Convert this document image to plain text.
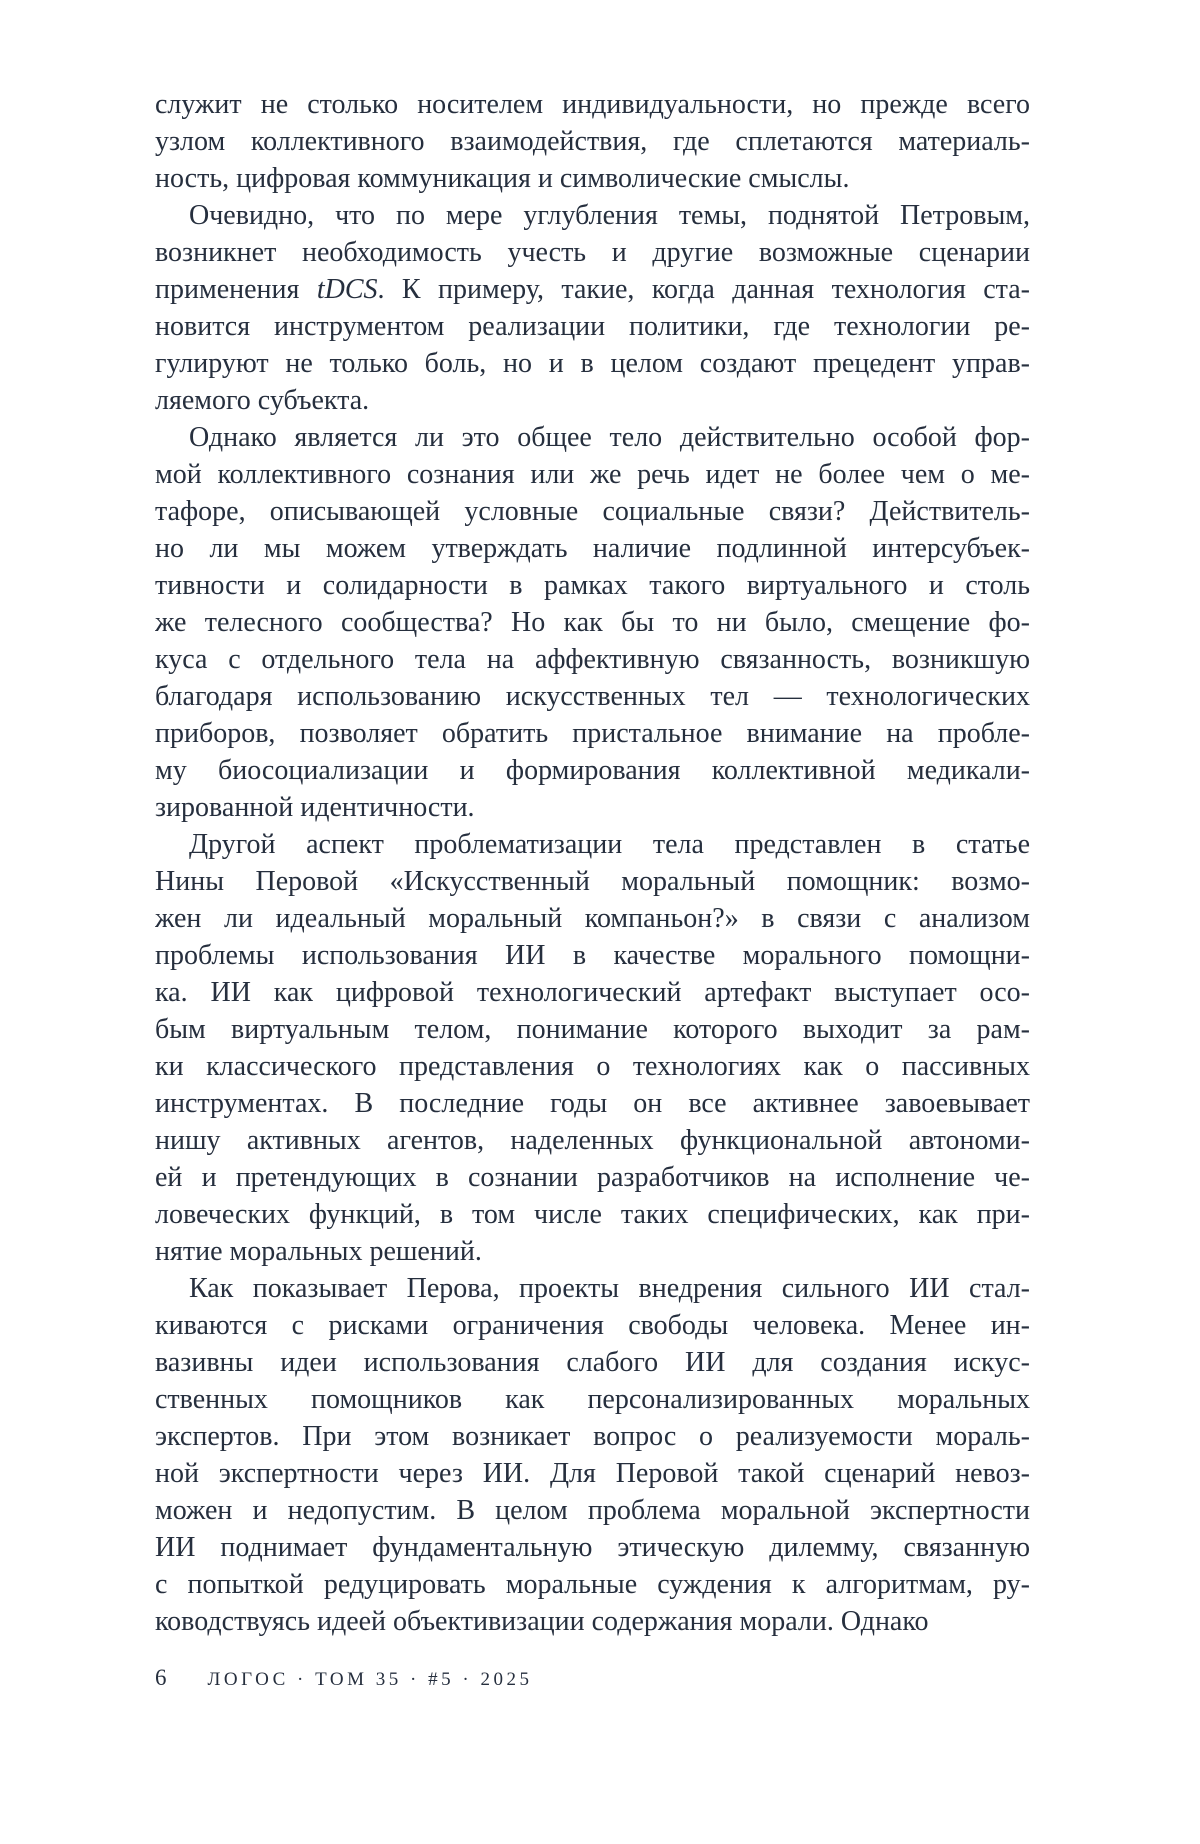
служит не столько носителем индивидуальности, но прежде всего
узлом коллективного взаимодействия, где сплетаются материаль-
ность, цифровая коммуникация и символические смыслы.
Очевидно, что по мере углубления темы, поднятой Петровым,
возникнет необходимость учесть и другие возможные сценарии
применения tDCS. К примеру, такие, когда данная технология ста-
новится инструментом реализации политики, где технологии ре-
гулируют не только боль, но и в целом создают прецедент управ-
ляемого субъекта.
Однако является ли это общее тело действительно особой фор-
мой коллективного сознания или же речь идет не более чем о ме-
тафоре, описывающей условные социальные связи? Действитель-
но ли мы можем утверждать наличие подлинной интерсубъек-
тивности и солидарности в рамках такого виртуального и столь
же телесного сообщества? Но как бы то ни было, смещение фо-
куса с отдельного тела на аффективную связанность, возникшую
благодаря использованию искусственных тел — технологических
приборов, позволяет обратить пристальное внимание на пробле-
му биосоциализации и формирования коллективной медикали-
зированной идентичности.
Другой аспект проблематизации тела представлен в статье
Нины Перовой «Искусственный моральный помощник: возмо-
жен ли идеальный моральный компаньон?» в связи с анализом
проблемы использования ИИ в качестве морального помощни-
ка. ИИ как цифровой технологический артефакт выступает осо-
бым виртуальным телом, понимание которого выходит за рам-
ки классического представления о технологиях как о пассивных
инструментах. В последние годы он все активнее завоевывает
нишу активных агентов, наделенных функциональной автономи-
ей и претендующих в сознании разработчиков на исполнение че-
ловеческих функций, в том числе таких специфических, как при-
нятие моральных решений.
Как показывает Перова, проекты внедрения сильного ИИ стал-
киваются с рисками ограничения свободы человека. Менее ин-
вазивны идеи использования слабого ИИ для создания искус-
ственных помощников как персонализированных моральных
экспертов. При этом возникает вопрос о реализуемости мораль-
ной экспертности через ИИ. Для Перовой такой сценарий невоз-
можен и недопустим. В целом проблема моральной экспертности
ИИ поднимает фундаментальную этическую дилемму, связанную
с попыткой редуцировать моральные суждения к алгоритмам, ру-
ководствуясь идеей объективизации содержания морали. Однако
6 ЛОГОС · ТОМ 35 · #5 · 2025
